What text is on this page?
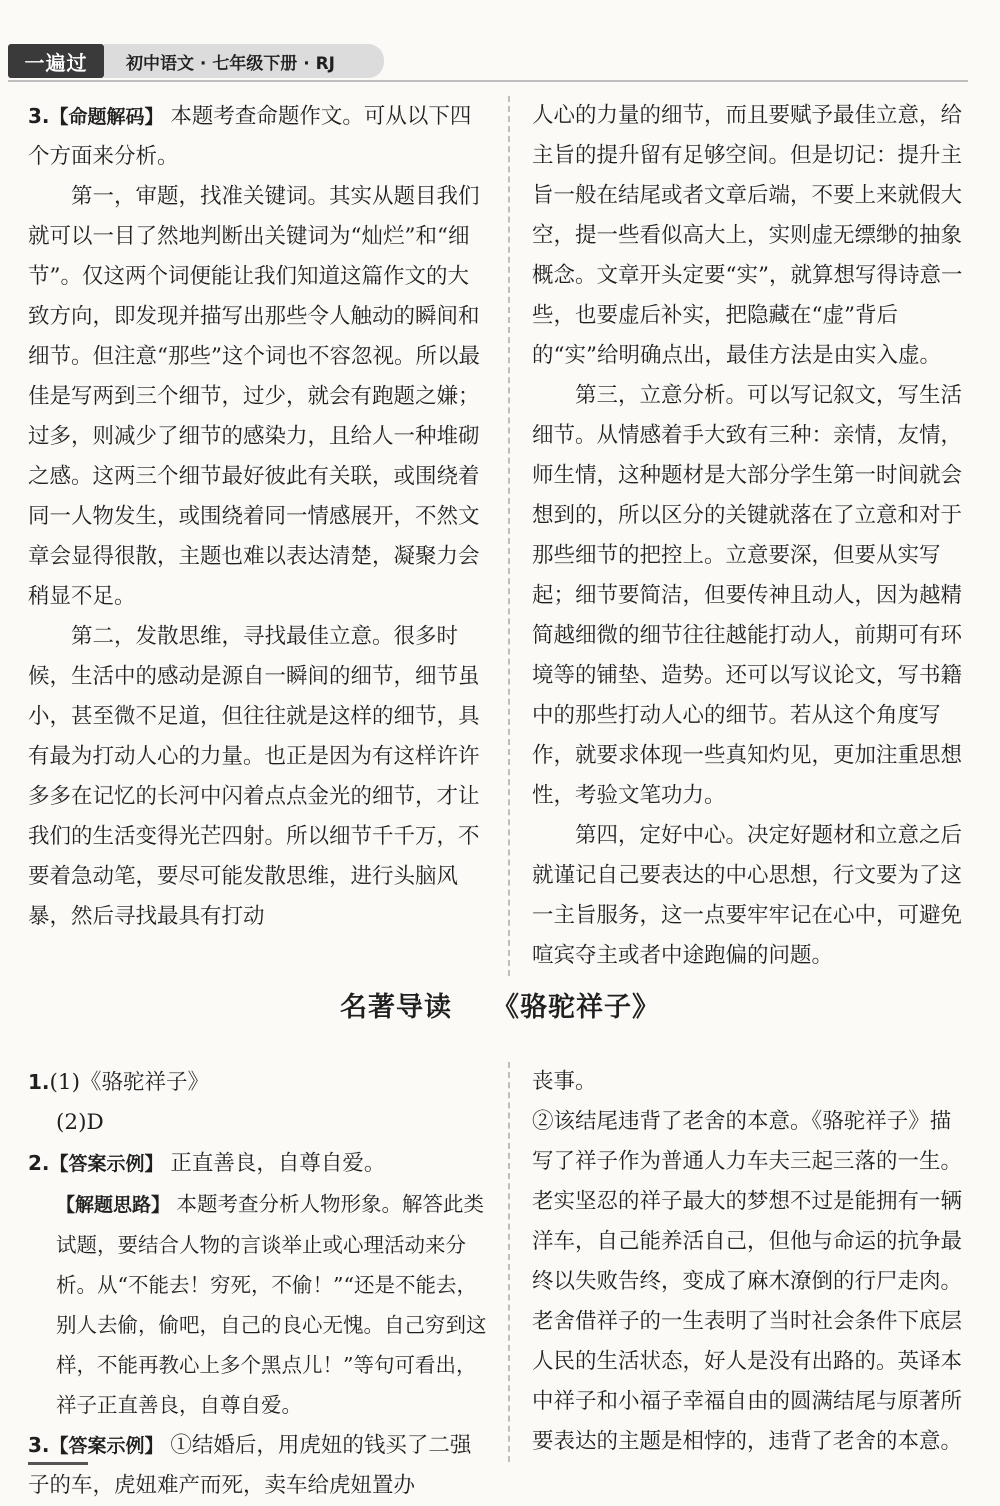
一遍过	初中语文 · 七年级下册 · RJ

3.【命题解码】 本题考查命题作文。可从以下四个方面来分析。

第一，审题，找准关键词。其实从题目我们就可以一目了然地判断出关键词为“灿烂”和“细节”。仅这两个词便能让我们知道这篇作文的大致方向，即发现并描写出那些令人触动的瞬间和细节。但注意“那些”这个词也不容忽视。所以最佳是写两到三个细节，过少，就会有跑题之嫌；过多，则减少了细节的感染力，且给人一种堆砌之感。这两三个细节最好彼此有关联，或围绕着同一人物发生，或围绕着同一情感展开，不然文章会显得很散，主题也难以表达清楚，凝聚力会稍显不足。

第二，发散思维，寻找最佳立意。很多时候，生活中的感动是源自一瞬间的细节，细节虽小，甚至微不足道，但往往就是这样的细节，具有最为打动人心的力量。也正是因为有这样许许多多在记忆的长河中闪着点点金光的细节，才让我们的生活变得光芒四射。所以细节千千万，不要着急动笔，要尽可能发散思维，进行头脑风暴，然后寻找最具有打动

人心的力量的细节，而且要赋予最佳立意，给主旨的提升留有足够空间。但是切记：提升主旨一般在结尾或者文章后端，不要上来就假大空，提一些看似高大上，实则虚无缥缈的抽象概念。文章开头定要“实”，就算想写得诗意一些，也要虚后补实，把隐藏在“虚”背后的“实”给明确点出，最佳方法是由实入虚。

第三，立意分析。可以写记叙文，写生活细节。从情感着手大致有三种：亲情，友情，师生情，这种题材是大部分学生第一时间就会想到的，所以区分的关键就落在了立意和对于那些细节的把控上。立意要深，但要从实写起；细节要简洁，但要传神且动人，因为越精简越细微的细节往往越能打动人，前期可有环境等的铺垫、造势。还可以写议论文，写书籍中的那些打动人心的细节。若从这个角度写作，就要求体现一些真知灼见，更加注重思想性，考验文笔功力。

第四，定好中心。决定好题材和立意之后就谨记自己要表达的中心思想，行文要为了这一主旨服务，这一点要牢牢记在心中，可避免喧宾夺主或者中途跑偏的问题。

名著导读 《骆驼祥子》

1.(1)《骆驼祥子》

(2)D

2.【答案示例】 正直善良，自尊自爱。

【解题思路】 本题考查分析人物形象。解答此类试题，要结合人物的言谈举止或心理活动来分析。从“不能去！穷死，不偷！”“还是不能去，别人去偷，偷吧，自己的良心无愧。自己穷到这样，不能再教心上多个黑点儿！”等句可看出，祥子正直善良，自尊自爱。

3.【答案示例】 ①结婚后，用虎妞的钱买了二强子的车，虎妞难产而死，卖车给虎妞置办

丧事。

②该结尾违背了老舍的本意。《骆驼祥子》描写了祥子作为普通人力车夫三起三落的一生。老实坚忍的祥子最大的梦想不过是能拥有一辆洋车，自己能养活自己，但他与命运的抗争最终以失败告终，变成了麻木潦倒的行尸走肉。老舍借祥子的一生表明了当时社会条件下底层人民的生活状态，好人是没有出路的。英译本中祥子和小福子幸福自由的圆满结尾与原著所要表达的主题是相悖的，违背了老舍的本意。
